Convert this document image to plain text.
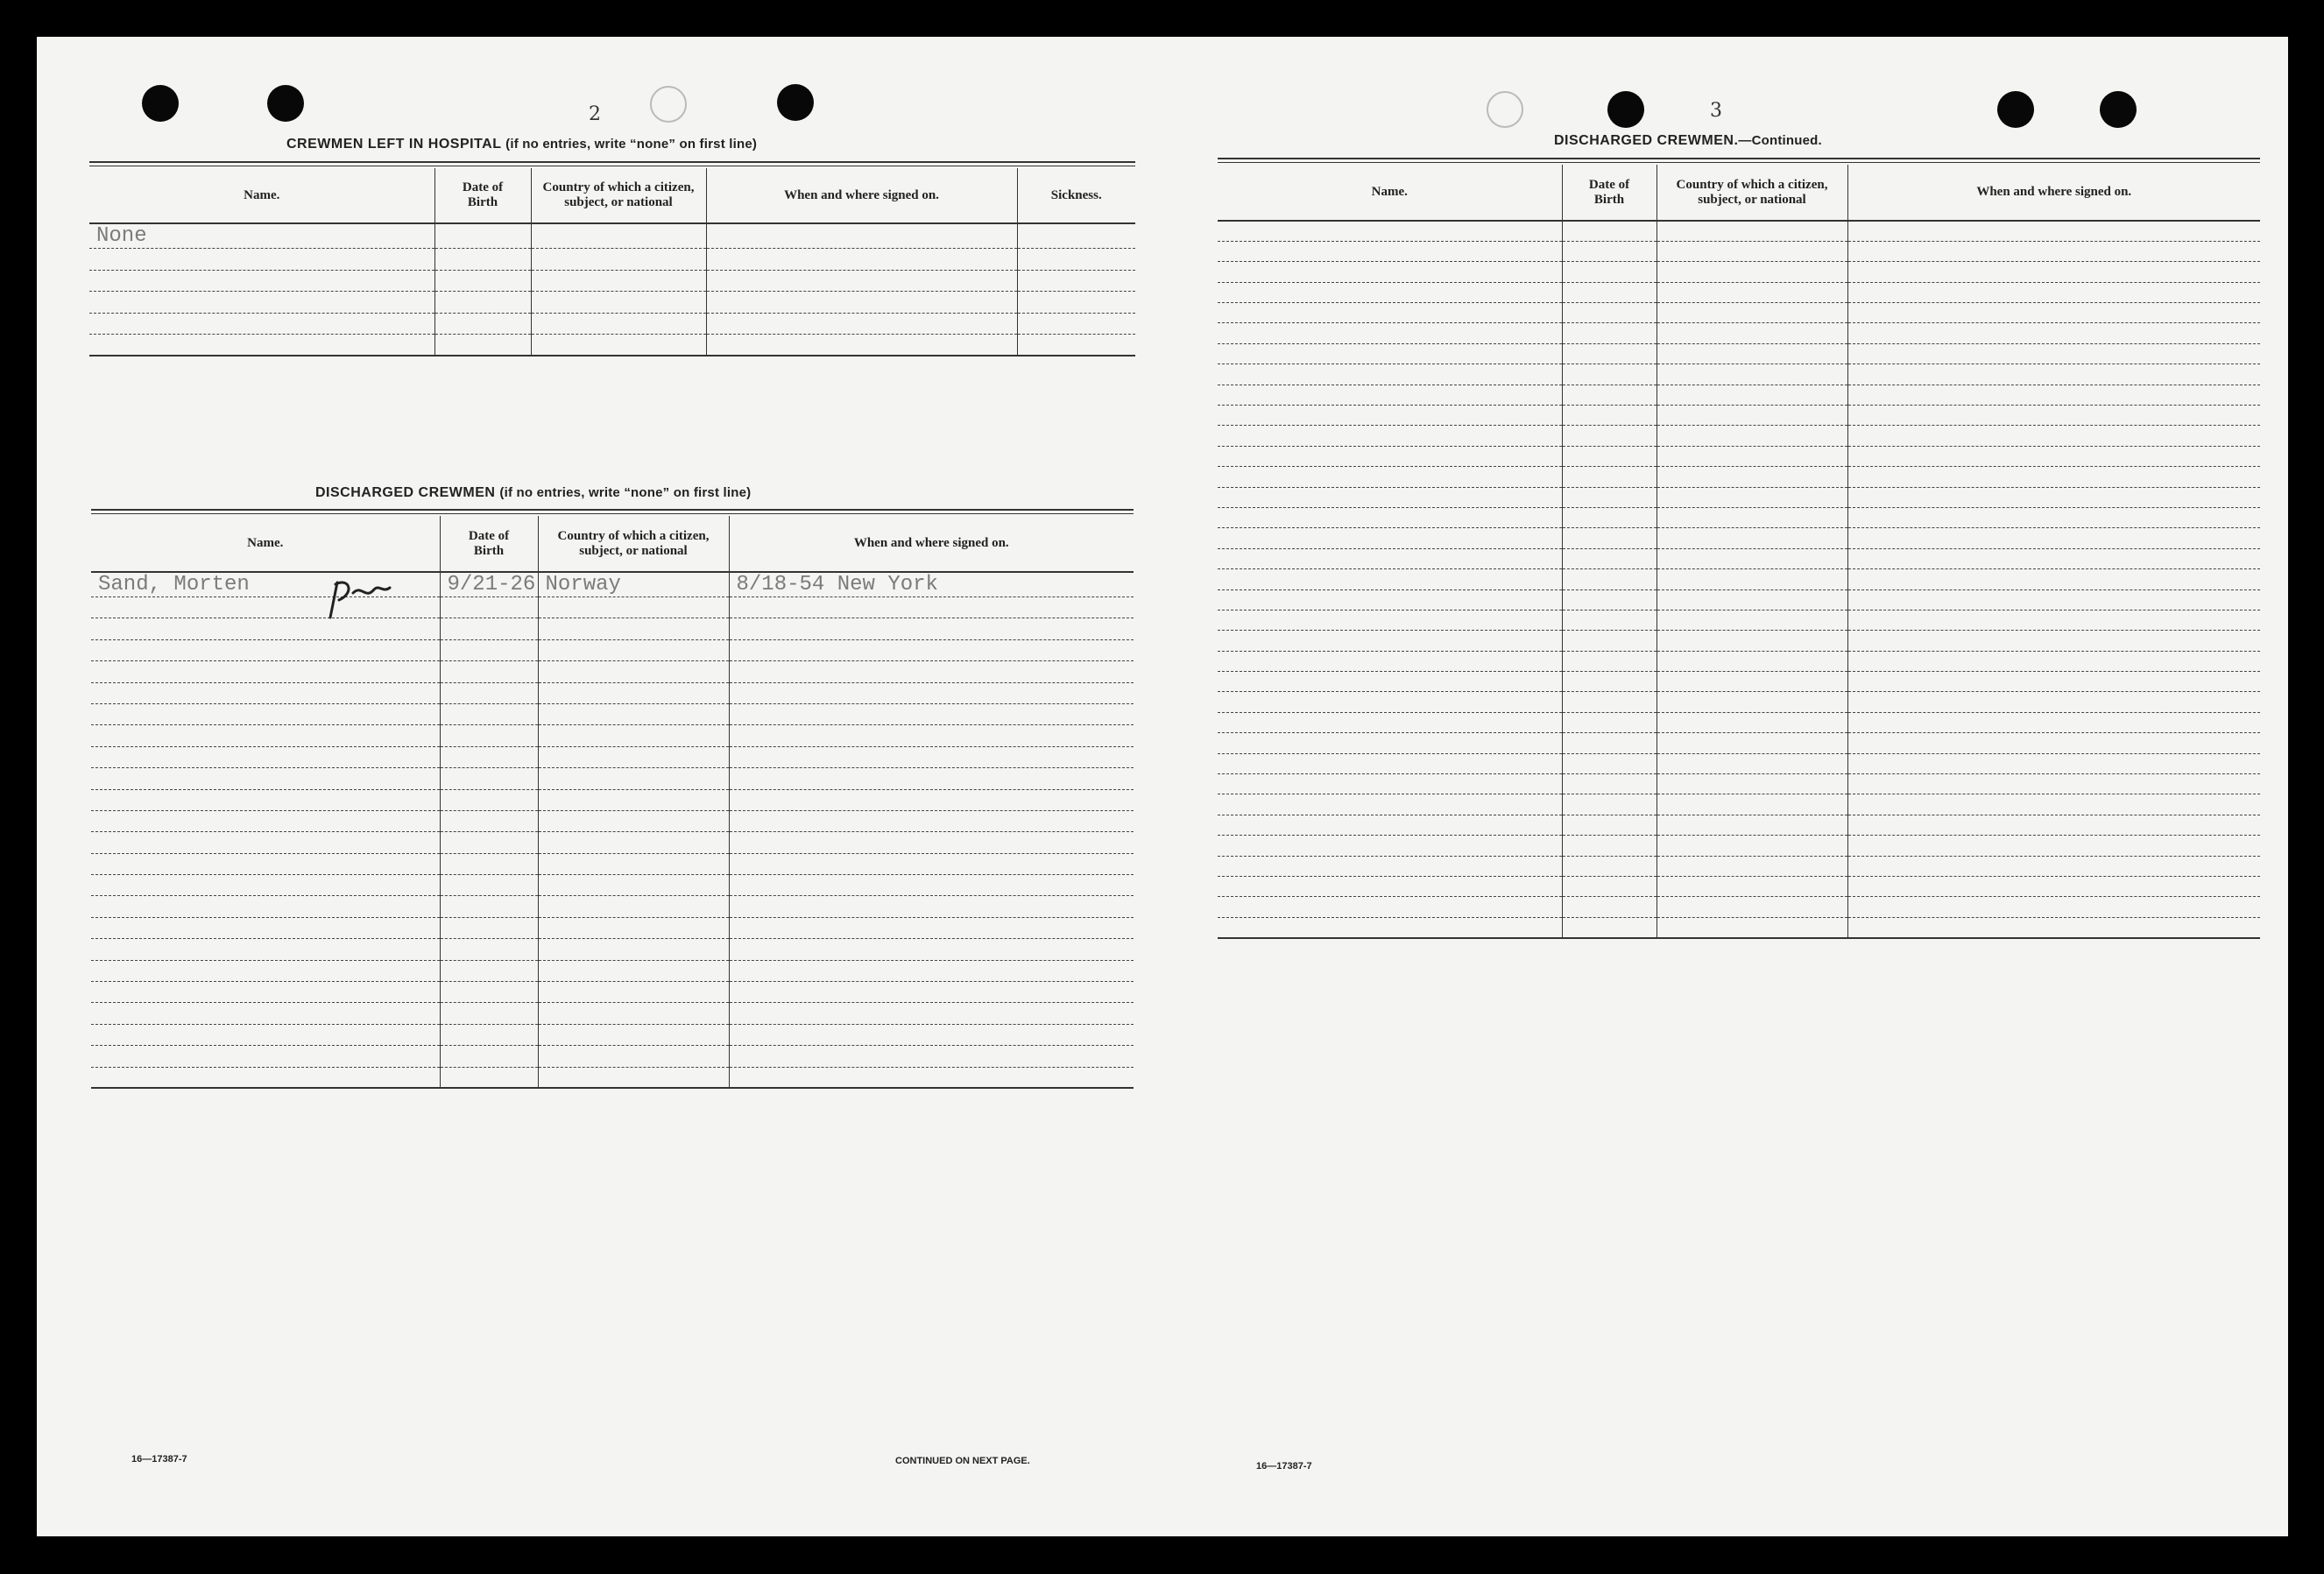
2
CREWMEN LEFT IN HOSPITAL (if no entries, write “none” on first line)
Name.	Date of Birth	Country of which a citizen, subject, or national	When and where signed on.	Sickness.
None				

DISCHARGED CREWMEN (if no entries, write “none” on first line)
Name.	Date of Birth	Country of which a citizen, subject, or national	When and where signed on.
Sand, Morten	9/21-26	Norway	8/18-54 New York

16—17387-7	CONTINUED ON NEXT PAGE.
3
DISCHARGED CREWMEN.—Continued.
Name.	Date of Birth	Country of which a citizen, subject, or national	When and where signed on.

16—17387-7
